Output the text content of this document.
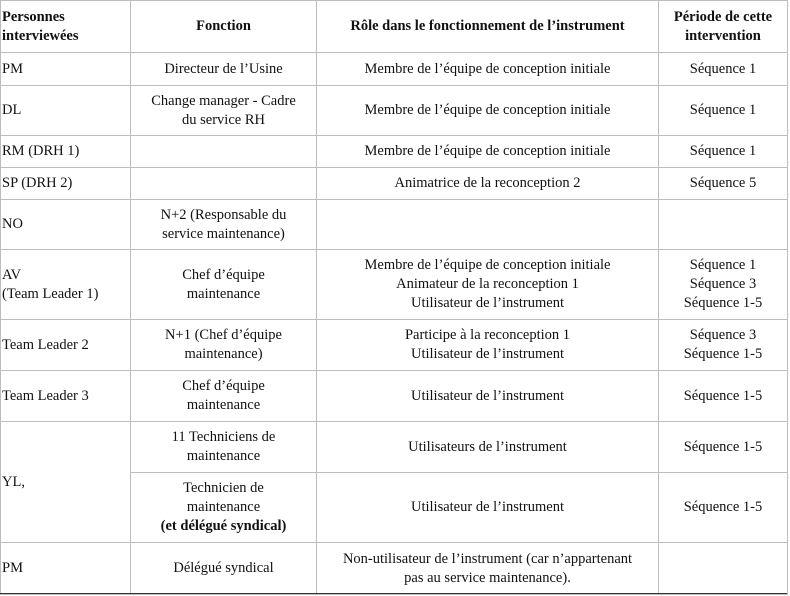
Personnes
interviewées	Fonction	Rôle dans le fonctionnement de l’instrument	Période de cette
intervention

PM	Directeur de l’Usine	Membre de l’équipe de conception initiale	Séquence 1
DL	Change manager - Cadre
du service RH	Membre de l’équipe de conception initiale	Séquence 1
RM (DRH 1)		Membre de l’équipe de conception initiale	Séquence 1
SP (DRH 2)		Animatrice de la reconception 2	Séquence 5
NO	N+2 (Responsable du
service maintenance)		

AV
(Team Leader 1)	Chef d’équipe
maintenance	Membre de l’équipe de conception initiale
Animateur de la reconception 1
Utilisateur de l’instrument	Séquence 1
Séquence 3
Séquence 1-5

Team Leader 2	N+1 (Chef d’équipe
maintenance)	Participe à la reconception 1
Utilisateur de l’instrument	Séquence 3
Séquence 1-5

Team Leader 3	Chef d’équipe
maintenance	Utilisateur de l’instrument	Séquence 1-5
YL,	11 Techniciens de
maintenance	Utilisateurs de l’instrument	Séquence 1-5

	Technicien de
maintenance
(et délégué syndical)	Utilisateur de l’instrument	Séquence 1-5
PM	Délégué syndical	Non-utilisateur de l’instrument (car n’appartenant
pas au service maintenance).	
